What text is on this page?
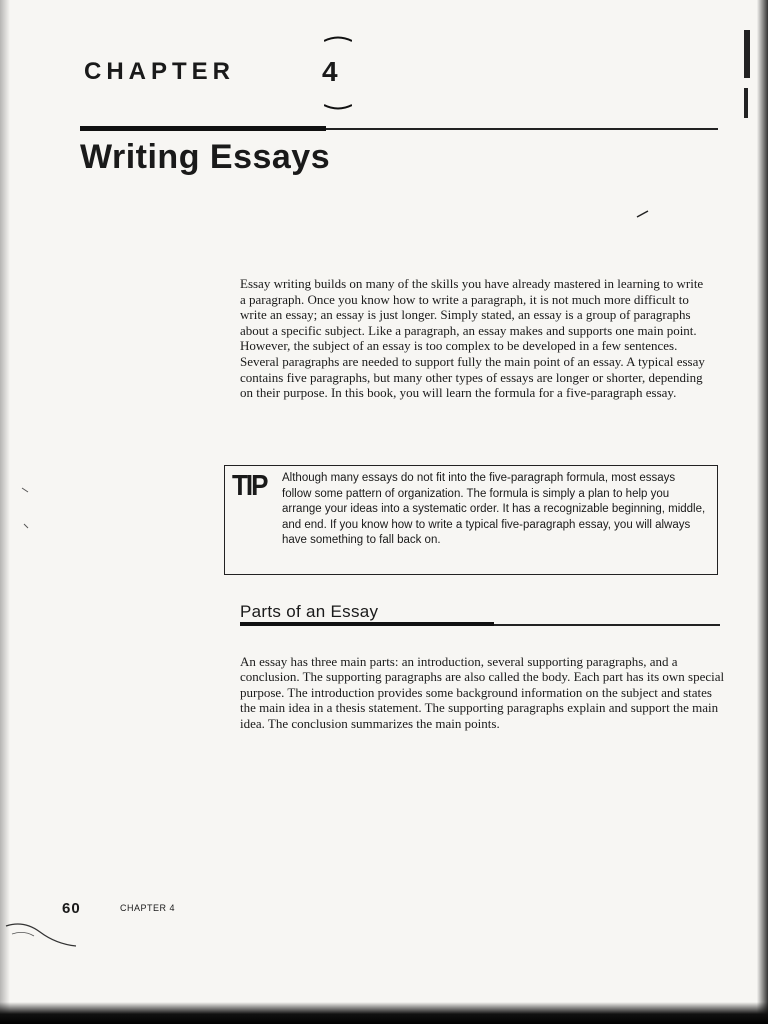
CHAPTER	4
Writing Essays

Essay writing builds on many of the skills you have already mastered in learning to write a paragraph. Once you know how to write a paragraph, it is not much more difficult to write an essay; an essay is just longer. Simply stated, an essay is a group of paragraphs about a specific subject. Like a paragraph, an essay makes and supports one main point. However, the subject of an essay is too complex to be developed in a few sentences. Several paragraphs are needed to support fully the main point of an essay. A typical essay contains five paragraphs, but many other types of essays are longer or shorter, depending on their purpose. In this book, you will learn the formula for a five-paragraph essay.

TIP Although many essays do not fit into the five-paragraph formula, most essays follow some pattern of organization. The formula is simply a plan to help you arrange your ideas into a systematic order. It has a recognizable beginning, middle, and end. If you know how to write a typical five-paragraph essay, you will always have something to fall back on.
Parts of an Essay

An essay has three main parts: an introduction, several supporting paragraphs, and a conclusion. The supporting paragraphs are also called the body. Each part has its own special purpose. The introduction provides some background information on the subject and states the main idea in a thesis statement. The supporting paragraphs explain and support the main idea. The conclusion summarizes the main points.

60	CHAPTER 4
